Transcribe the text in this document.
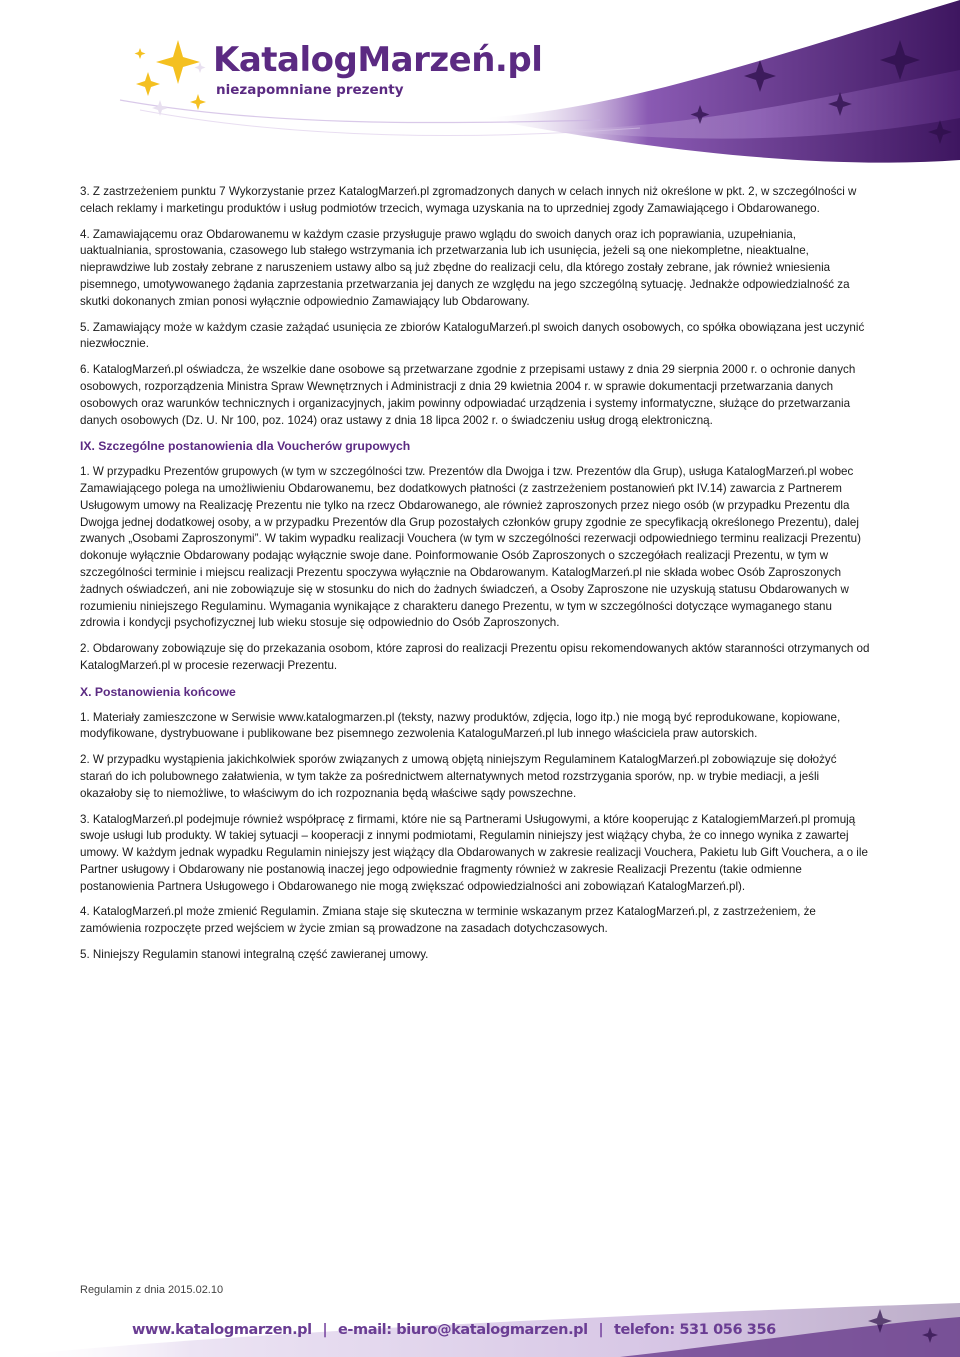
KatalogMarzeń.pl
niezapomniane prezenty

3. Z zastrzeżeniem punktu 7 Wykorzystanie przez KatalogMarzeń.pl zgromadzonych danych w celach innych niż określone w pkt. 2, w szczególności w celach reklamy i marketingu produktów i usług podmiotów trzecich, wymaga uzyskania na to uprzedniej zgody Zamawiającego i Obdarowanego.

4. Zamawiającemu oraz Obdarowanemu w każdym czasie przysługuje prawo wglądu do swoich danych oraz ich poprawiania, uzupełniania, uaktualniania, sprostowania, czasowego lub stałego wstrzymania ich przetwarzania lub ich usunięcia, jeżeli są one niekompletne, nieaktualne, nieprawdziwe lub zostały zebrane z naruszeniem ustawy albo są już zbędne do realizacji celu, dla którego zostały zebrane, jak również wniesienia pisemnego, umotywowanego żądania zaprzestania przetwarzania jej danych ze względu na jego szczególną sytuację. Jednakże odpowiedzialność za skutki dokonanych zmian ponosi wyłącznie odpowiednio Zamawiający lub Obdarowany.

5. Zamawiający może w każdym czasie zażądać usunięcia ze zbiorów KataloguMarzeń.pl swoich danych osobowych, co spółka obowiązana jest uczynić niezwłocznie.

6. KatalogMarzeń.pl oświadcza, że wszelkie dane osobowe są przetwarzane zgodnie z przepisami ustawy z dnia 29 sierpnia 2000 r. o ochronie danych osobowych, rozporządzenia Ministra Spraw Wewnętrznych i Administracji z dnia 29 kwietnia 2004 r. w sprawie dokumentacji przetwarzania danych osobowych oraz warunków technicznych i organizacyjnych, jakim powinny odpowiadać urządzenia i systemy informatyczne, służące do przetwarzania danych osobowych (Dz. U. Nr 100, poz. 1024) oraz ustawy z dnia 18 lipca 2002 r. o świadczeniu usług drogą elektroniczną.

IX. Szczególne postanowienia dla Voucherów grupowych

1. W przypadku Prezentów grupowych (w tym w szczególności tzw. Prezentów dla Dwojga i tzw. Prezentów dla Grup), usługa KatalogMarzeń.pl wobec Zamawiającego polega na umożliwieniu Obdarowanemu, bez dodatkowych płatności (z zastrzeżeniem postanowień pkt IV.14) zawarcia z Partnerem Usługowym umowy na Realizację Prezentu nie tylko na rzecz Obdarowanego, ale również zaproszonych przez niego osób (w przypadku Prezentu dla Dwojga jednej dodatkowej osoby, a w przypadku Prezentów dla Grup pozostałych członków grupy zgodnie ze specyfikacją określonego Prezentu), dalej zwanych „Osobami Zaproszonymi”. W takim wypadku realizacji Vouchera (w tym w szczególności rezerwacji odpowiedniego terminu realizacji Prezentu) dokonuje wyłącznie Obdarowany podając wyłącznie swoje dane. Poinformowanie Osób Zaproszonych o szczegółach realizacji Prezentu, w tym w szczególności terminie i miejscu realizacji Prezentu spoczywa wyłącznie na Obdarowanym. KatalogMarzeń.pl nie składa wobec Osób Zaproszonych żadnych oświadczeń, ani nie zobowiązuje się w stosunku do nich do żadnych świadczeń, a Osoby Zaproszone nie uzyskują statusu Obdarowanych w rozumieniu niniejszego Regulaminu. Wymagania wynikające z charakteru danego Prezentu, w tym w szczególności dotyczące wymaganego stanu zdrowia i kondycji psychofizycznej lub wieku stosuje się odpowiednio do Osób Zaproszonych.

2. Obdarowany zobowiązuje się do przekazania osobom, które zaprosi do realizacji Prezentu opisu rekomendowanych aktów staranności otrzymanych od KatalogMarzeń.pl w procesie rezerwacji Prezentu.

X. Postanowienia końcowe

1. Materiały zamieszczone w Serwisie www.katalogmarzen.pl (teksty, nazwy produktów, zdjęcia, logo itp.) nie mogą być reprodukowane, kopiowane, modyfikowane, dystrybuowane i publikowane bez pisemnego zezwolenia KataloguMarzeń.pl lub innego właściciela praw autorskich.

2. W przypadku wystąpienia jakichkolwiek sporów związanych z umową objętą niniejszym Regulaminem KatalogMarzeń.pl zobowiązuje się dołożyć starań do ich polubownego załatwienia, w tym także za pośrednictwem alternatywnych metod rozstrzygania sporów, np. w trybie mediacji, a jeśli okazałoby się to niemożliwe, to właściwym do ich rozpoznania będą właściwe sądy powszechne.

3. KatalogMarzeń.pl podejmuje również współpracę z firmami, które nie są Partnerami Usługowymi, a które kooperując z KatalogiemMarzeń.pl promują swoje usługi lub produkty. W takiej sytuacji – kooperacji z innymi podmiotami, Regulamin niniejszy jest wiążący chyba, że co innego wynika z zawartej umowy. W każdym jednak wypadku Regulamin niniejszy jest wiążący dla Obdarowanych w zakresie realizacji Vouchera, Pakietu lub Gift Vouchera, a o ile Partner usługowy i Obdarowany nie postanowią inaczej jego odpowiednie fragmenty również w zakresie Realizacji Prezentu (takie odmienne postanowienia Partnera Usługowego i Obdarowanego nie mogą zwiększać odpowiedzialności ani zobowiązań KatalogMarzeń.pl).

4. KatalogMarzeń.pl może zmienić Regulamin. Zmiana staje się skuteczna w terminie wskazanym przez KatalogMarzeń.pl, z zastrzeżeniem, że zamówienia rozpoczęte przed wejściem w życie zmian są prowadzone na zasadach dotychczasowych.

5. Niniejszy Regulamin stanowi integralną część zawieranej umowy.

Regulamin z dnia 2015.02.10
www.katalogmarzen.pl | e-mail: biuro@katalogmarzen.pl | telefon: 531 056 356
